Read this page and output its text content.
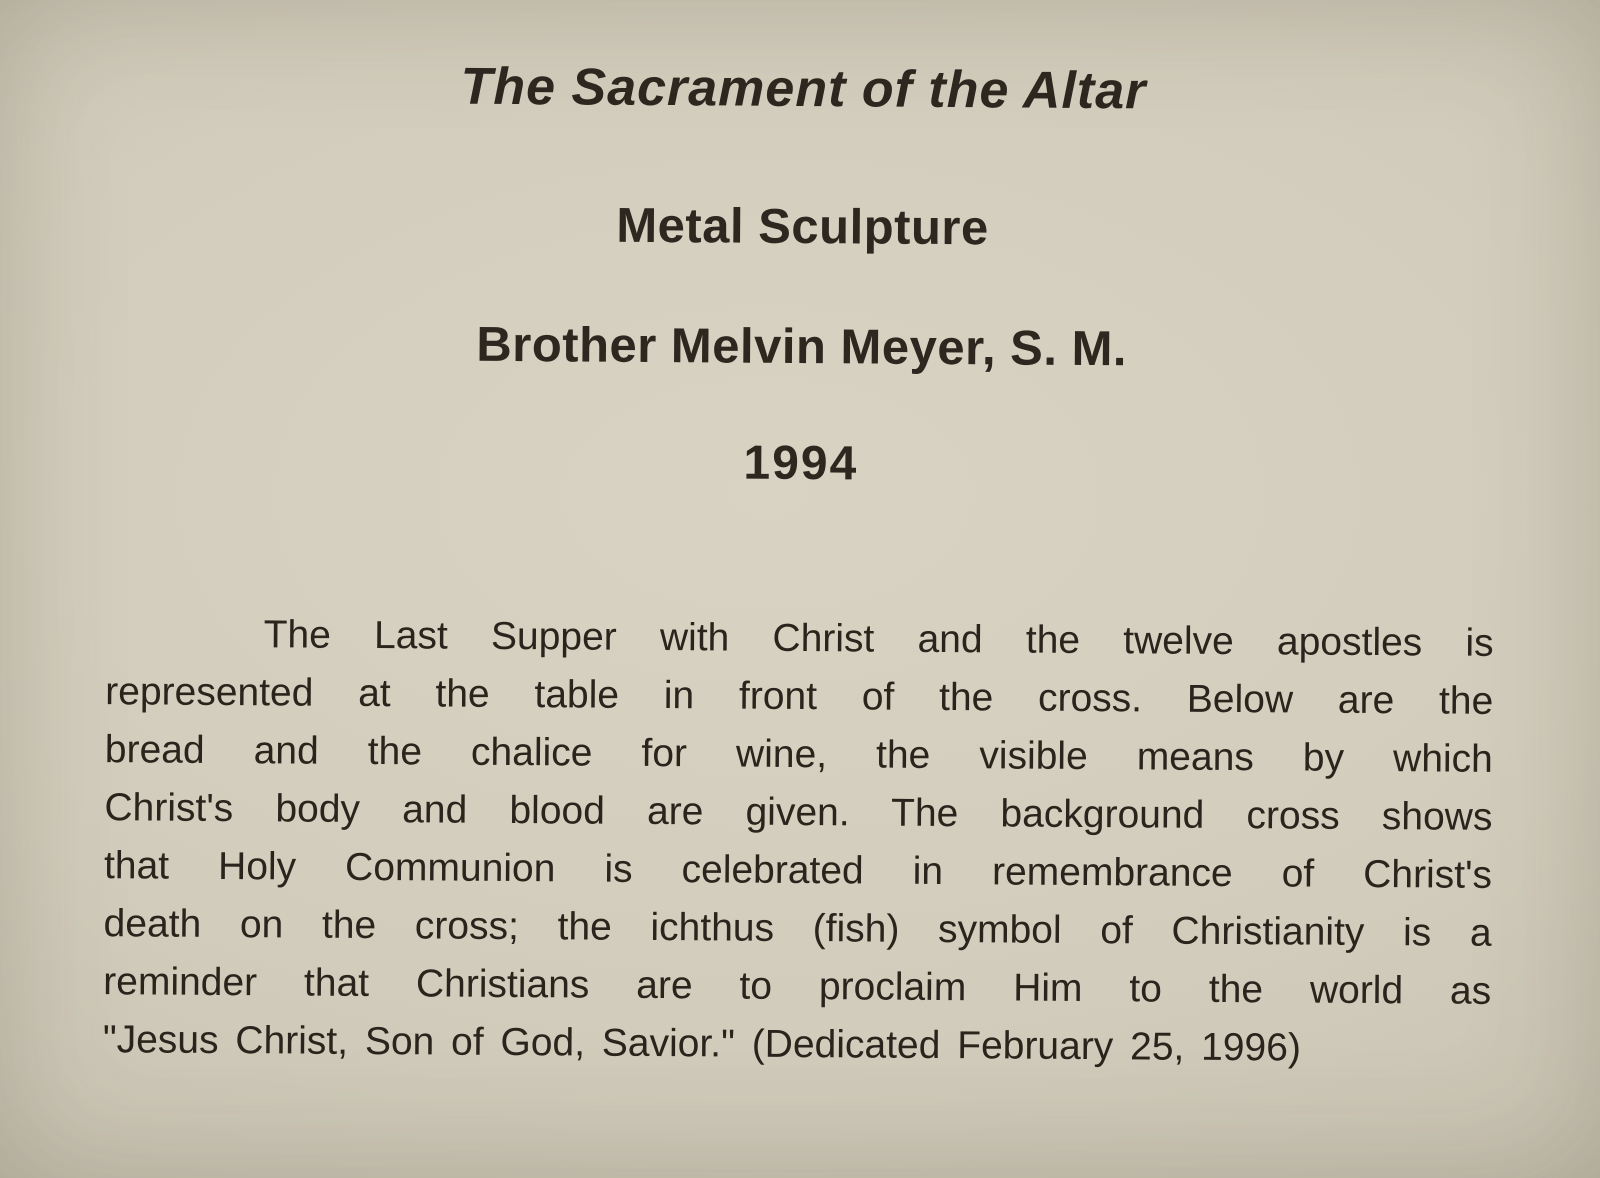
The Sacrament of the Altar
Metal Sculpture
Brother Melvin Meyer, S. M.
1994
The Last Supper with Christ and the twelve apostles is
represented at the table in front of the cross. Below are the
bread and the chalice for wine, the visible means by which
Christ's body and blood are given. The background cross shows
that Holy Communion is celebrated in remembrance of Christ's
death on the cross; the ichthus (fish) symbol of Christianity is a
reminder that Christians are to proclaim Him to the world as
"Jesus Christ, Son of God, Savior." (Dedicated February 25, 1996)
